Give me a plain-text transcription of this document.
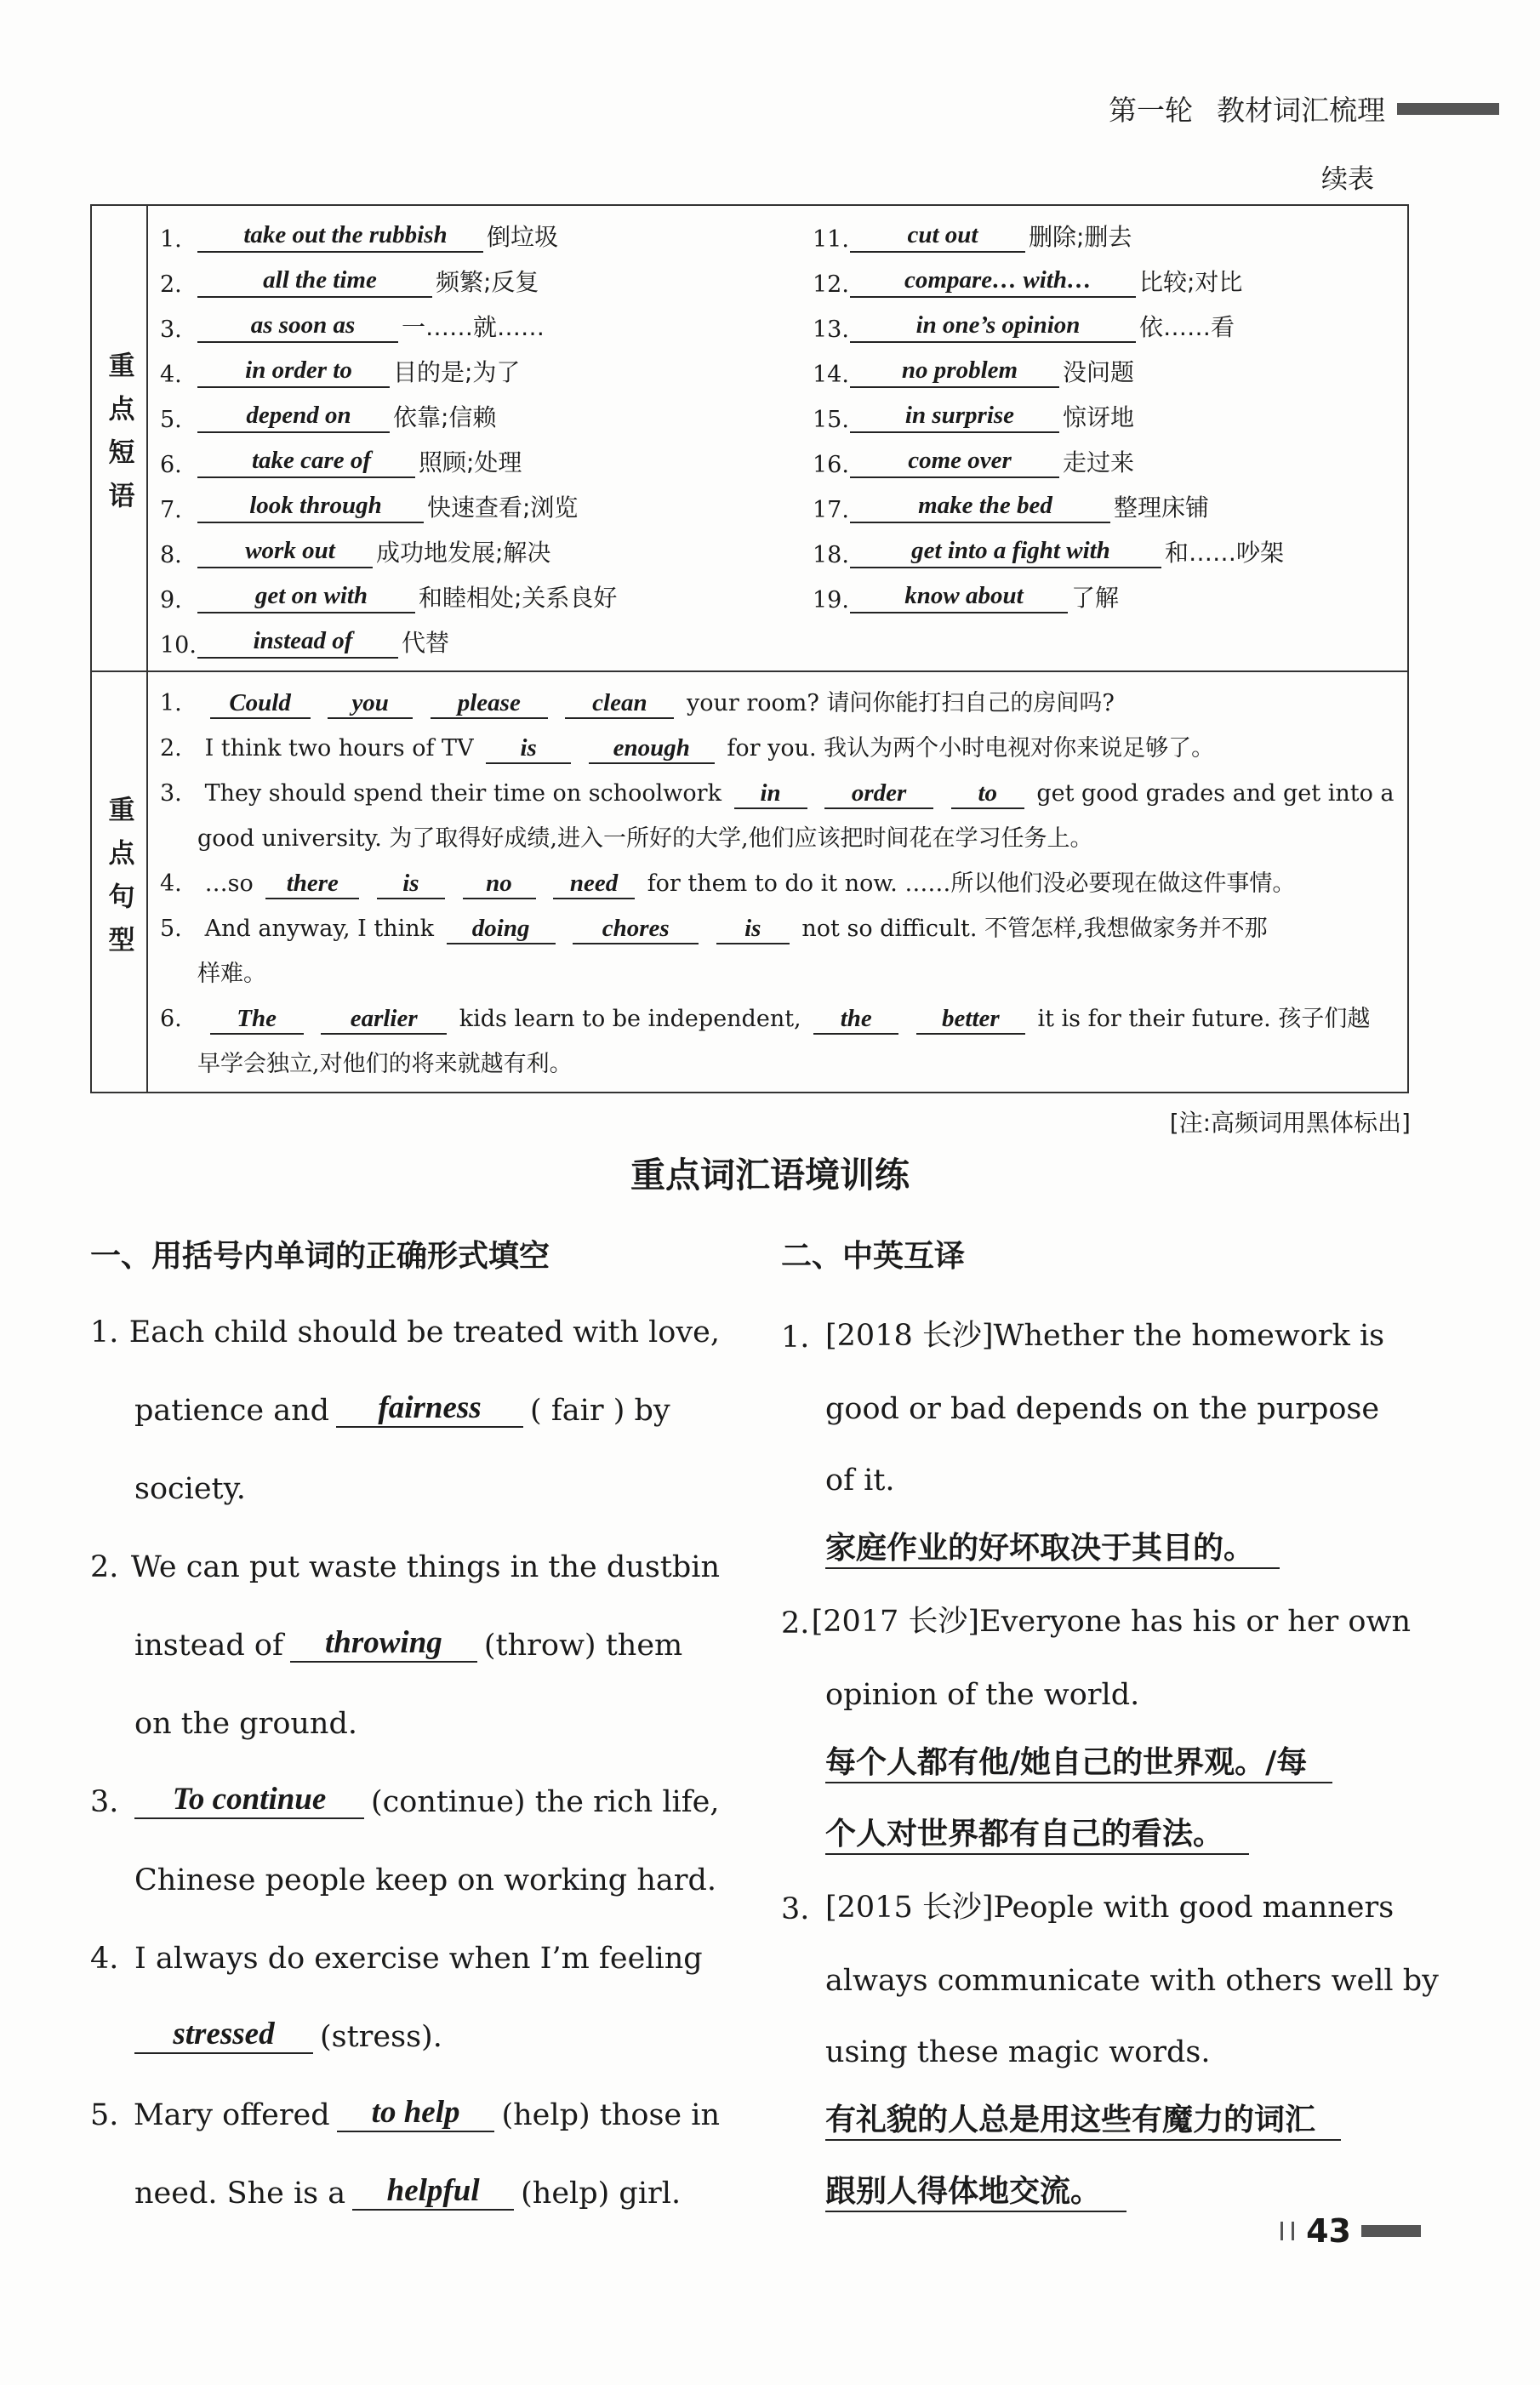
第一轮 教材词汇梳理
续表
重点短语
1.	take out the rubbish	倒垃圾	11.	cut out	删除;删去
2.	all the time	频繁;反复	12.	compare… with…	比较;对比
3.	as soon as	一……就……	13.	in one’s opinion	依……看
4.	in order to	目的是;为了	14.	no problem	没问题
5.	depend on	依靠;信赖	15.	in surprise	惊讶地
6.	take care of	照顾;处理	16.	come over	走过来
7.	look through	快速查看;浏览	17.	make the bed	整理床铺
8.	work out	成功地发展;解决	18.	get into a fight with	和……吵架
9.	get on with	和睦相处;关系良好	19.	know about	了解
10.	instead of	代替
重点句型
1. Could you	please	clean your room? 请问你能打扫自己的房间吗?
2. I think two hours of TV is	enough for you. 我认为两个小时电视对你来说足够了。
3. They should spend their time on schoolwork in	order	to get good grades and get into a
good university. 为了取得好成绩,进入一所好的大学,他们应该把时间花在学习任务上。
4. …so there	is	no need for them to do it now. ……所以他们没必要现在做这件事情。
5. And anyway, I think doing	chores	is not so difficult. 不管怎样,我想做家务并不那
样难。
6. The	earlier kids learn to be independent, the	better it is for their future. 孩子们越
早学会独立,对他们的将来就越有利。
[注:高频词用黑体标出]
重点词汇语境训练
一、用括号内单词的正确形式填空	二、中英互译
1. Each child should be treated with love,
patience and	fairness	( fair ) by
society.
2. We can put waste things in the dustbin
instead of	throwing	(throw) them
on the ground.
3.	To continue	(continue) the rich life,
Chinese people keep on working hard.
4. I always do exercise when I’m feeling
stressed	(stress).
5. Mary offered	to help	(help) those in
need. She is a	helpful	(help) girl.
1. [2018 长沙]Whether the homework is
good or bad depends on the purpose
of it.
家庭作业的好坏取决于其目的。
2. [2017 长沙]Everyone has his or her own
opinion of the world.
每个人都有他/她自己的世界观。/每
个人对世界都有自己的看法。
3. [2015 长沙]People with good manners
always communicate with others well by
using these magic words.
有礼貌的人总是用这些有魔力的词汇
跟别人得体地交流。
43
